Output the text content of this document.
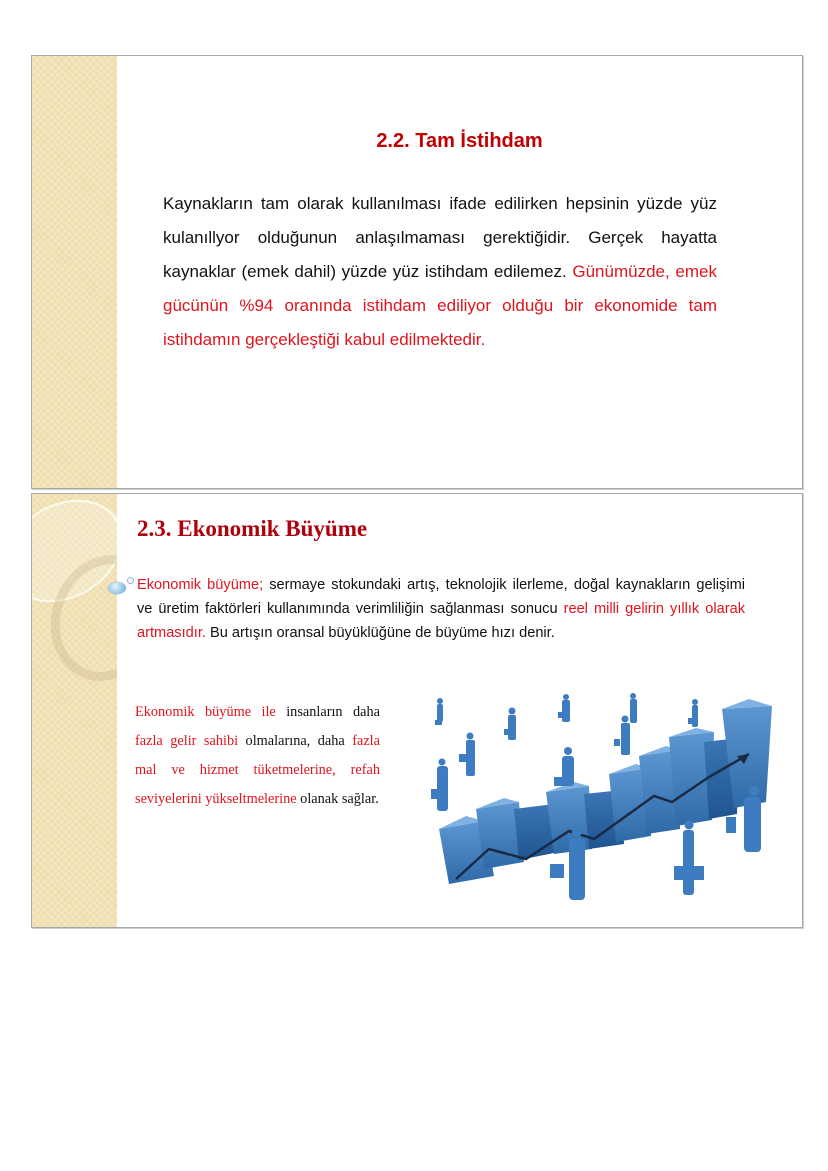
2.2. Tam İstihdam
Kaynakların tam olarak kullanılması ifade edilirken hepsinin yüzde yüz kulanıllyor olduğunun anlaşılmaması gerektiğidir. Gerçek hayatta kaynaklar (emek dahil) yüzde yüz istihdam edilemez. Günümüzde, emek gücünün %94 oranında istihdam ediliyor olduğu bir ekonomide tam istihdamın gerçekleştiği kabul edilmektedir.
2.3. Ekonomik Büyüme
Ekonomik büyüme; sermaye stokundaki artış, teknolojik ilerleme, doğal kaynakların gelişimi ve üretim faktörleri kullanımında verimliliğin sağlanması sonucu reel milli gelirin yıllık olarak artmasıdır. Bu artışın oransal büyüklüğüne de büyüme hızı denir.
Ekonomik büyüme ile insanların daha fazla gelir sahibi olmalarına, daha fazla mal ve hizmet tüketmelerine, refah seviyelerini yükseltmelerine olanak sağlar.
